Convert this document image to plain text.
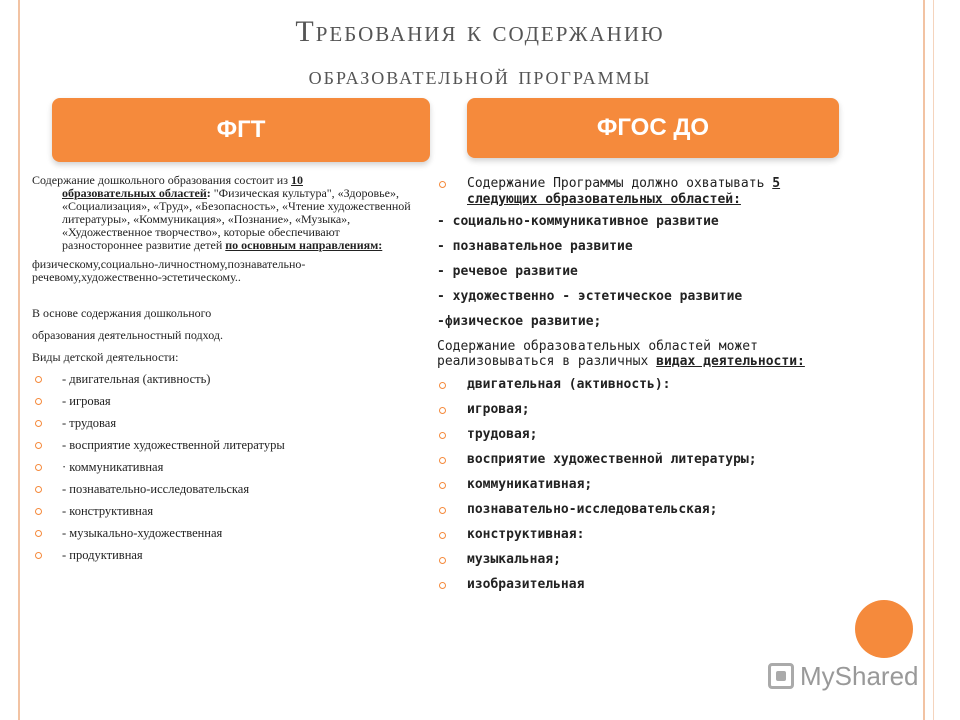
Требования к содержанию
образовательной программы
ФГТ	ФГОС ДО

Содержание дошкольного образования состоит из 10

образовательных областей: "Физическая культура", «Здоровье», «Социализация», «Труд», «Безопасность», «Чтение художественной литературы», «Коммуникация», «Познание», «Музыка», «Художественное творчество», которые обеспечивают разностороннее развитие детей по основным направлениям:

физическому,социально-личностному,познавательно-речевому,художественно-эстетическому..

В основе содержания дошкольного
образования деятельностный подход.
Виды детской деятельности:

- двигательная (активность)
- игровая
- трудовая
- восприятие художественной литературы
· коммуникативная
- познавательно-исследовательская
- конструктивная
- музыкально-художественная
- продуктивная
Содержание Программы должно охватывать 5 следующих образовательных областей:
- социально-коммуникативное развитие
- познавательное развитие
- речевое развитие
- художественно - эстетическое развитие
-физическое развитие;
Содержание образовательных областей может реализовываться в различных видах деятельности:
двигательная (активность):
игровая;
трудовая;
восприятие художественной литературы;
коммуникативная;
познавательно-исследовательская;
конструктивная:
музыкальная;
изобразительная
MyShared
